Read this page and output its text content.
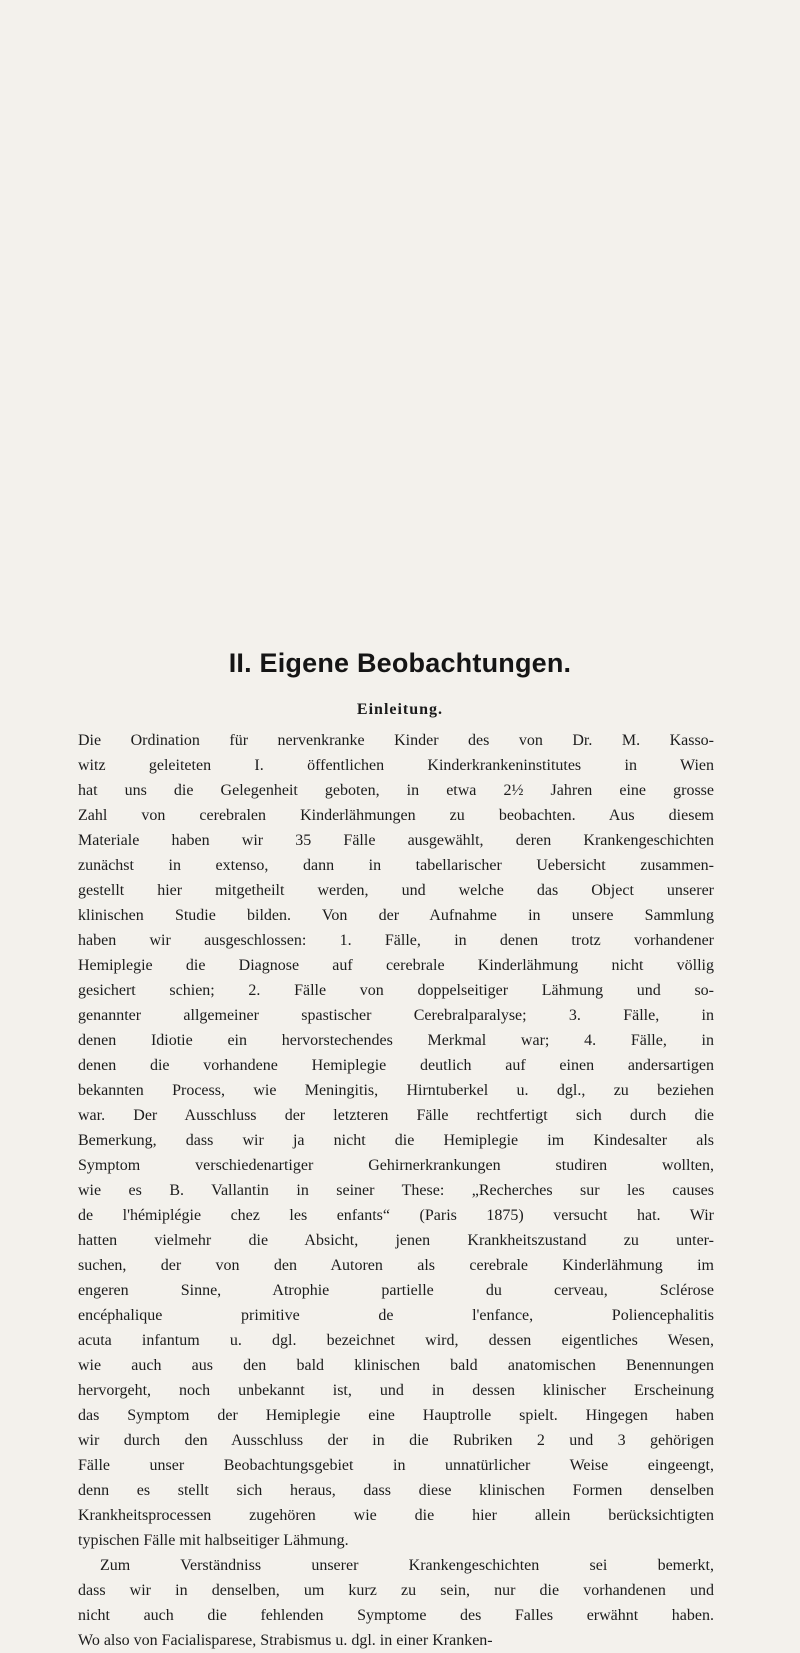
II. Eigene Beobachtungen.
Einleitung.

Die Ordination für nervenkranke Kinder des von Dr. M. Kasso-
witz geleiteten I. öffentlichen Kinderkrankeninstitutes in Wien
hat uns die Gelegenheit geboten, in etwa 2½ Jahren eine grosse
Zahl von cerebralen Kinderlähmungen zu beobachten. Aus diesem
Materiale haben wir 35 Fälle ausgewählt, deren Krankengeschichten
zunächst in extenso, dann in tabellarischer Uebersicht zusammen-
gestellt hier mitgetheilt werden, und welche das Object unserer
klinischen Studie bilden. Von der Aufnahme in unsere Sammlung
haben wir ausgeschlossen: 1. Fälle, in denen trotz vorhandener
Hemiplegie die Diagnose auf cerebrale Kinderlähmung nicht völlig
gesichert schien; 2. Fälle von doppelseitiger Lähmung und so-
genannter allgemeiner spastischer Cerebralparalyse; 3. Fälle, in
denen Idiotie ein hervorstechendes Merkmal war; 4. Fälle, in
denen die vorhandene Hemiplegie deutlich auf einen andersartigen
bekannten Process, wie Meningitis, Hirntuberkel u. dgl., zu beziehen
war. Der Ausschluss der letzteren Fälle rechtfertigt sich durch die
Bemerkung, dass wir ja nicht die Hemiplegie im Kindesalter als
Symptom verschiedenartiger Gehirnerkrankungen studiren wollten,
wie es B. Vallantin in seiner These: „Recherches sur les causes
de l'hémiplégie chez les enfants“ (Paris 1875) versucht hat. Wir
hatten vielmehr die Absicht, jenen Krankheitszustand zu unter-
suchen, der von den Autoren als cerebrale Kinderlähmung im
engeren Sinne, Atrophie partielle du cerveau, Sclérose
encéphalique primitive de l'enfance, Poliencephalitis
acuta infantum u. dgl. bezeichnet wird, dessen eigentliches Wesen,
wie auch aus den bald klinischen bald anatomischen Benennungen
hervorgeht, noch unbekannt ist, und in dessen klinischer Erscheinung
das Symptom der Hemiplegie eine Hauptrolle spielt. Hingegen haben
wir durch den Ausschluss der in die Rubriken 2 und 3 gehörigen
Fälle unser Beobachtungsgebiet in unnatürlicher Weise eingeengt,
denn es stellt sich heraus, dass diese klinischen Formen denselben
Krankheitsprocessen zugehören wie die hier allein berücksichtigten
typischen Fälle mit halbseitiger Lähmung.

Zum Verständniss unserer Krankengeschichten sei bemerkt,
dass wir in denselben, um kurz zu sein, nur die vorhandenen und
nicht auch die fehlenden Symptome des Falles erwähnt haben.
Wo also von Facialisparese, Strabismus u. dgl. in einer Kranken-
